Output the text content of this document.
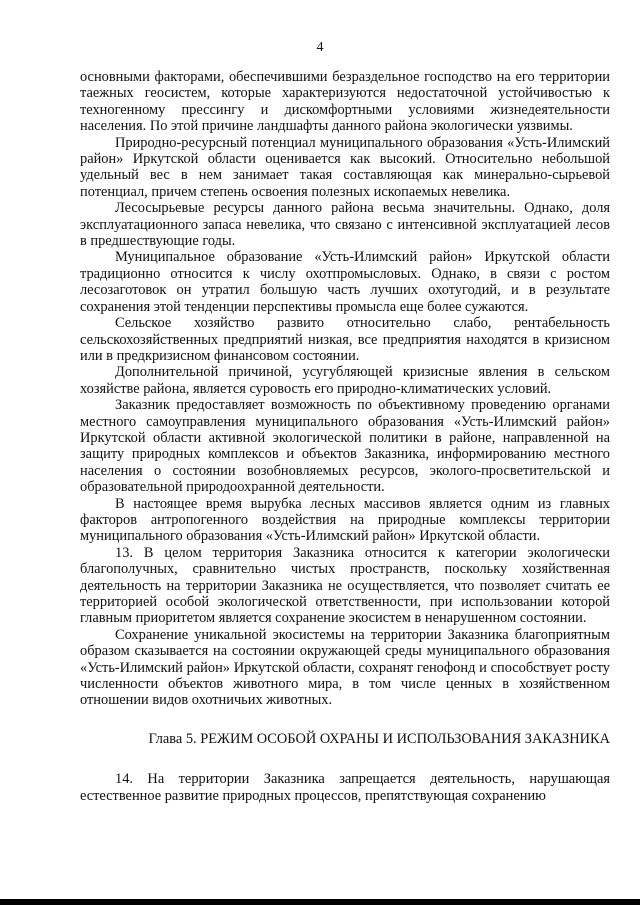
4

основными факторами, обеспечившими безраздельное господство на его территории таежных геосистем, которые характеризуются недостаточной устойчивостью к техногенному прессингу и дискомфортными условиями жизнедеятельности населения. По этой причине ландшафты данного района экологически уязвимы.

Природно-ресурсный потенциал муниципального образования «Усть-Илимский район» Иркутской области оценивается как высокий. Относительно небольшой удельный вес в нем занимает такая составляющая как минерально-сырьевой потенциал, причем степень освоения полезных ископаемых невелика.

Лесосырьевые ресурсы данного района весьма значительны. Однако, доля эксплуатационного запаса невелика, что связано с интенсивной эксплуатацией лесов в предшествующие годы.

Муниципальное образование «Усть-Илимский район» Иркутской области традиционно относится к числу охотпромысловых. Однако, в связи с ростом лесозаготовок он утратил большую часть лучших охотугодий, и в результате сохранения этой тенденции перспективы промысла еще более сужаются.

Сельское хозяйство развито относительно слабо, рентабельность сельскохозяйственных предприятий низкая, все предприятия находятся в кризисном или в предкризисном финансовом состоянии.

Дополнительной причиной, усугубляющей кризисные явления в сельском хозяйстве района, является суровость его природно-климатических условий.

Заказник предоставляет возможность по объективному проведению органами местного самоуправления муниципального образования «Усть-Илимский район» Иркутской области активной экологической политики в районе, направленной на защиту природных комплексов и объектов Заказника, информированию местного населения о состоянии возобновляемых ресурсов, эколого-просветительской и образовательной природоохранной деятельности.

В настоящее время вырубка лесных массивов является одним из главных факторов антропогенного воздействия на природные комплексы территории муниципального образования «Усть-Илимский район» Иркутской области.

13. В целом территория Заказника относится к категории экологически благополучных, сравнительно чистых пространств, поскольку хозяйственная деятельность на территории Заказника не осуществляется, что позволяет считать ее территорией особой экологической ответственности, при использовании которой главным приоритетом является сохранение экосистем в ненарушенном состоянии.

Сохранение уникальной экосистемы на территории Заказника благоприятным образом сказывается на состоянии окружающей среды муниципального образования «Усть-Илимский район» Иркутской области, сохранят генофонд и способствует росту численности объектов животного мира, в том числе ценных в хозяйственном отношении видов охотничьих животных.

Глава 5. РЕЖИМ ОСОБОЙ ОХРАНЫ И ИСПОЛЬЗОВАНИЯ ЗАКАЗНИКА

14. На территории Заказника запрещается деятельность, нарушающая естественное развитие природных процессов, препятствующая сохранению
